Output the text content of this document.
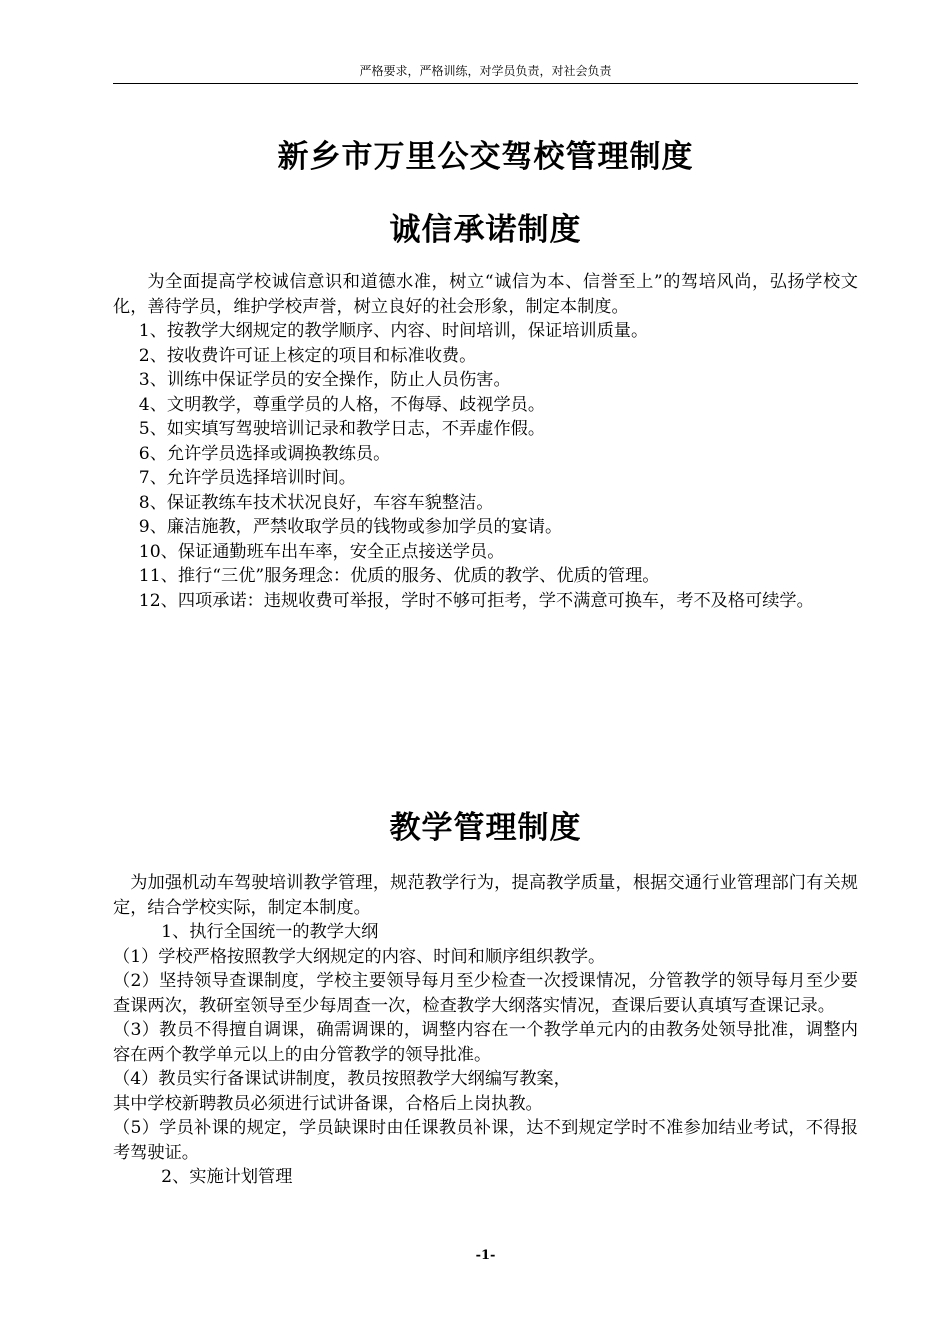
严格要求，严格训练，对学员负责，对社会负责
新乡市万里公交驾校管理制度
诚信承诺制度

为全面提高学校诚信意识和道德水准，树立“诚信为本、信誉至上”的驾培风尚，弘扬学校文化，善待学员，维护学校声誉，树立良好的社会形象，制定本制度。

1、按教学大纲规定的教学顺序、内容、时间培训，保证培训质量。

2、按收费许可证上核定的项目和标准收费。

3、训练中保证学员的安全操作，防止人员伤害。

4、文明教学，尊重学员的人格，不侮辱、歧视学员。

5、如实填写驾驶培训记录和教学日志，不弄虚作假。

6、允许学员选择或调换教练员。

7、允许学员选择培训时间。

8、保证教练车技术状况良好，车容车貌整洁。

9、廉洁施教，严禁收取学员的钱物或参加学员的宴请。

10、保证通勤班车出车率，安全正点接送学员。

11、推行“三优”服务理念：优质的服务、优质的教学、优质的管理。

12、四项承诺：违规收费可举报，学时不够可拒考，学不满意可换车，考不及格可续学。

教学管理制度

为加强机动车驾驶培训教学管理，规范教学行为，提高教学质量，根据交通行业管理部门有关规定，结合学校实际，制定本制度。

1、执行全国统一的教学大纲

（1）学校严格按照教学大纲规定的内容、时间和顺序组织教学。

（2）坚持领导查课制度，学校主要领导每月至少检查一次授课情况，分管教学的领导每月至少要查课两次，教研室领导至少每周查一次，检查教学大纲落实情况，查课后要认真填写查课记录。

（3）教员不得擅自调课，确需调课的，调整内容在一个教学单元内的由教务处领导批准，调整内容在两个教学单元以上的由分管教学的领导批准。

（4）教员实行备课试讲制度，教员按照教学大纲编写教案，

其中学校新聘教员必须进行试讲备课，合格后上岗执教。

（5）学员补课的规定，学员缺课时由任课教员补课，达不到规定学时不准参加结业考试，不得报考驾驶证。

2、实施计划管理

-1-
